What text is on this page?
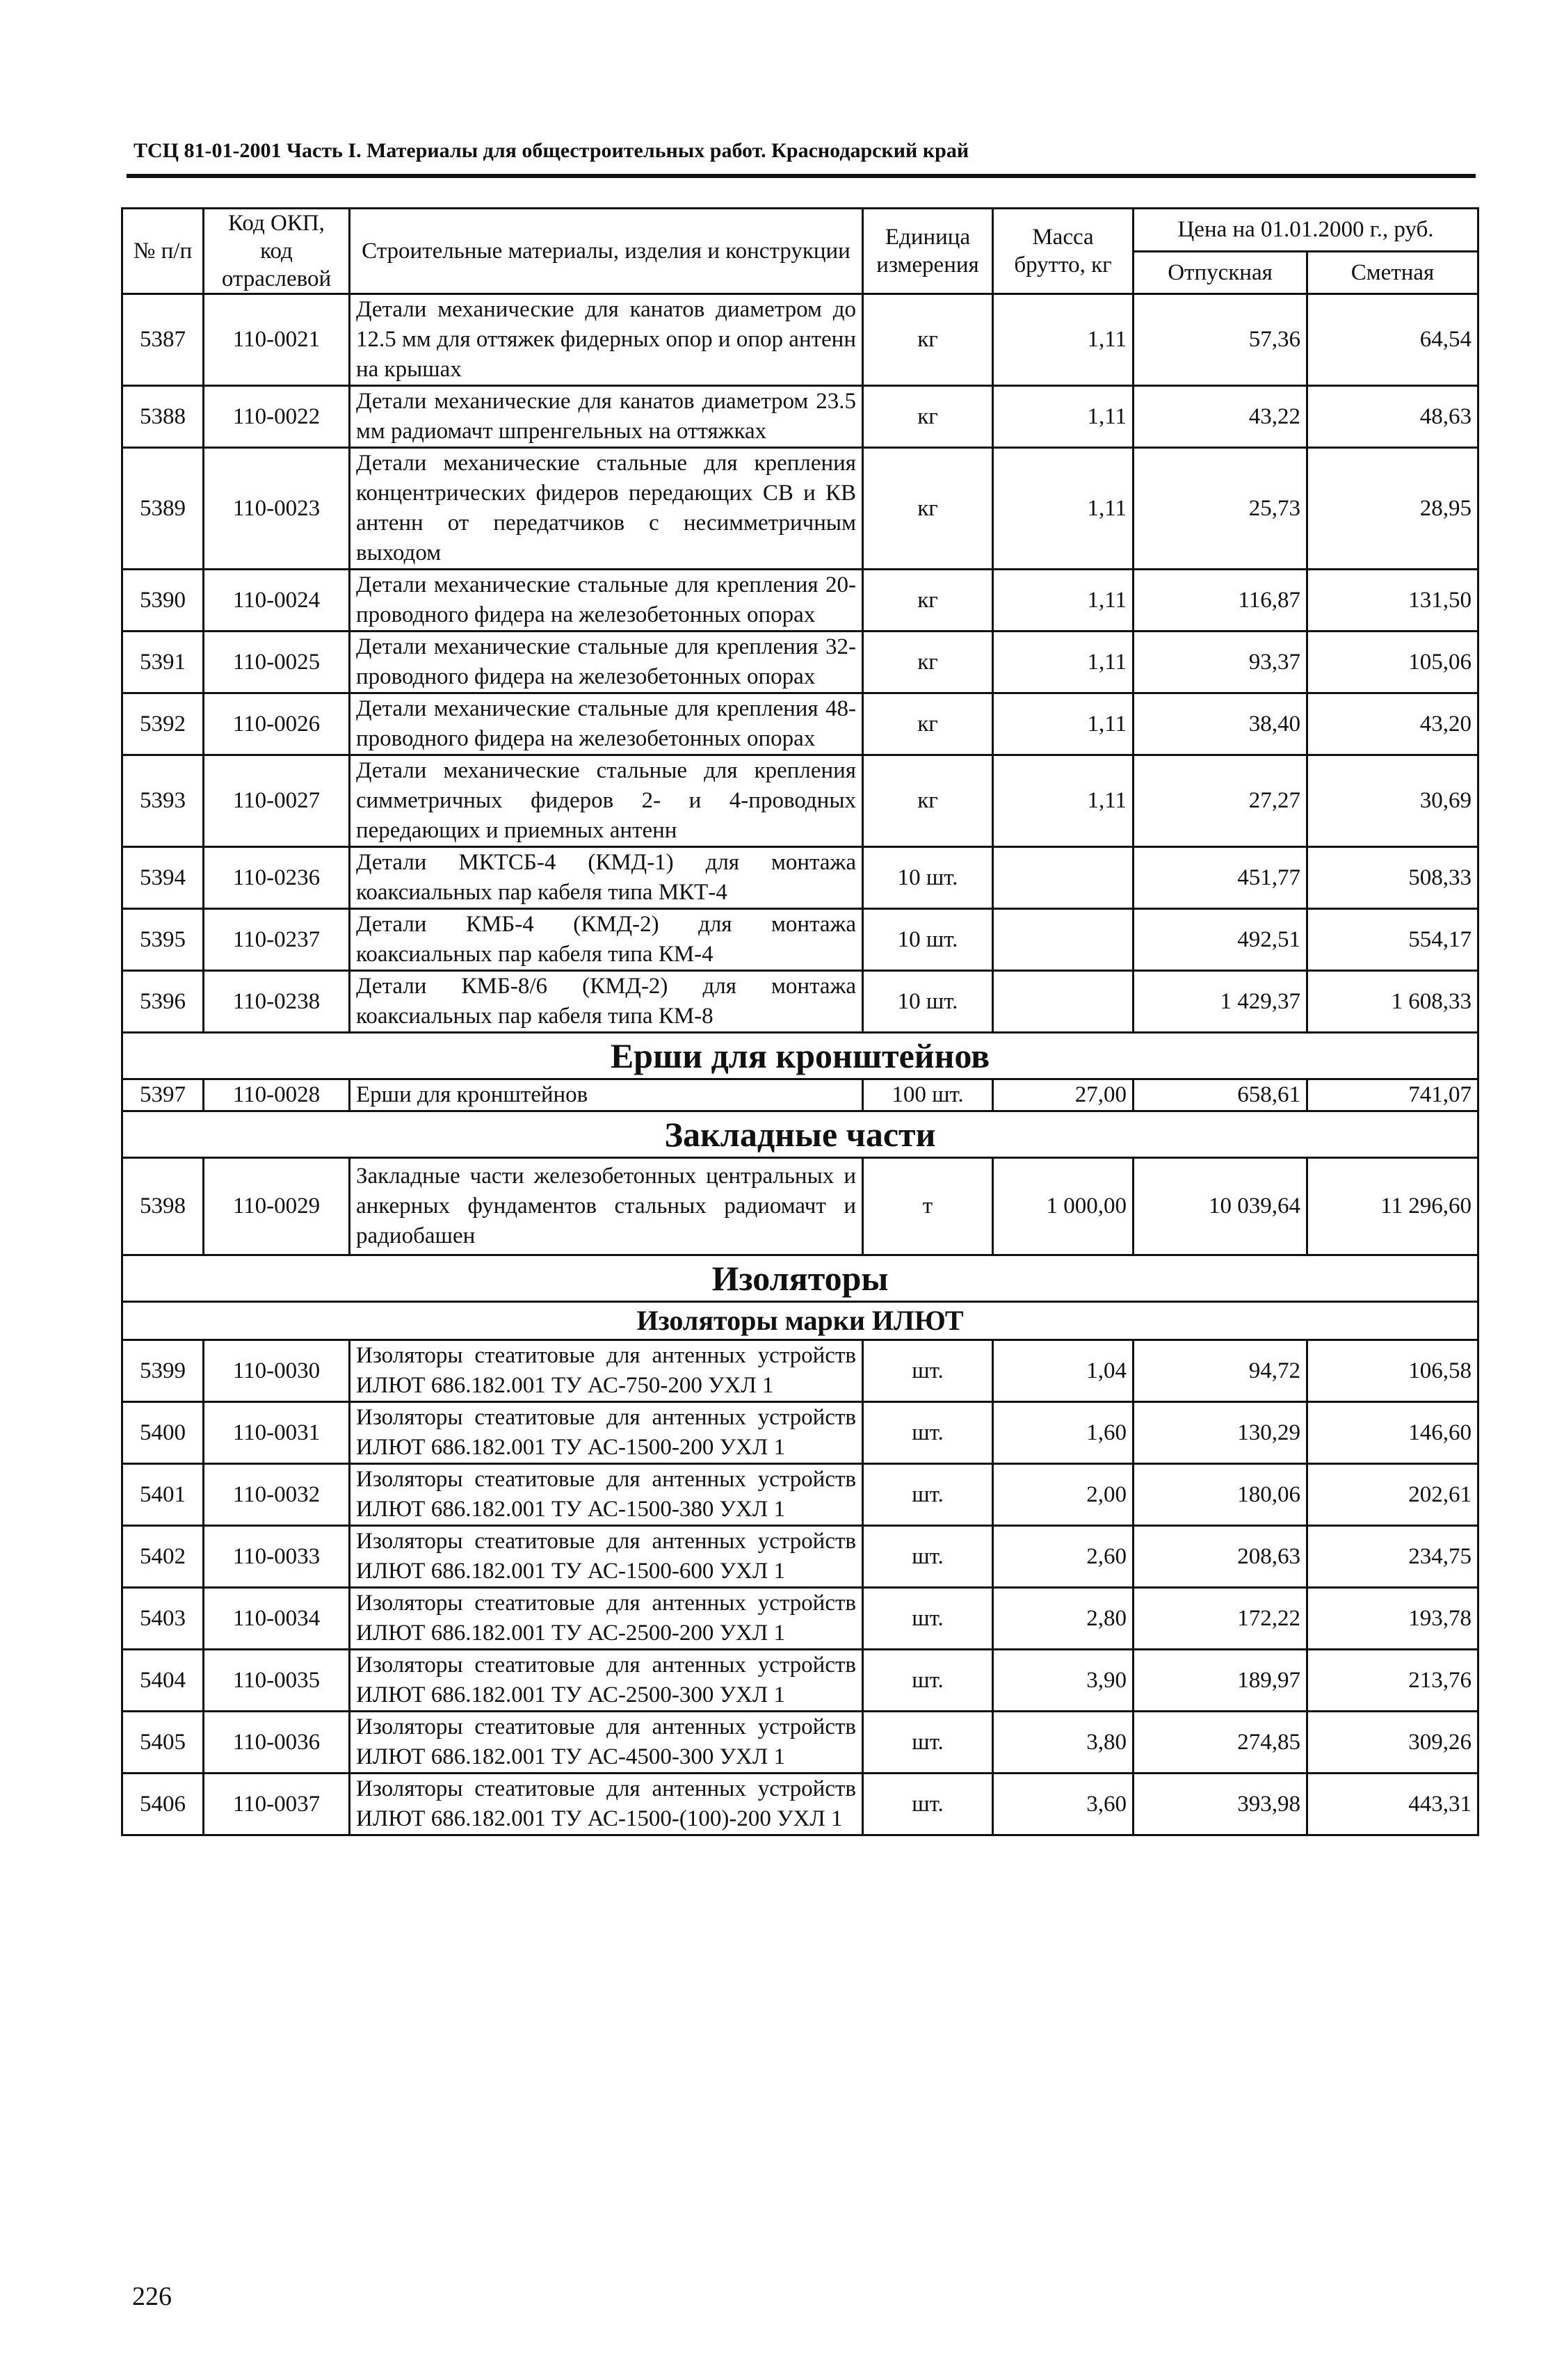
ТСЦ 81-01-2001 Часть I. Материалы для общестроительных работ. Краснодарский край
№ п/п	Код ОКП, код отраслевой	Строительные материалы, изделия и конструкции	Единица измерения	Масса брутто, кг	Цена на 01.01.2000 г., руб.	
					Отпускная	Сметная
5387	110-0021	Детали механические для канатов диаметром до 12.5 мм для оттяжек фидерных опор и опор антенн на крышах	кг	1,11	57,36	64,54
5388	110-0022	Детали механические для канатов диаметром 23.5 мм радиомачт шпренгельных на оттяжках	кг	1,11	43,22	48,63
5389	110-0023	Детали механические стальные для крепления концентрических фидеров передающих СВ и КВ антенн от передатчиков с несимметричным выходом	кг	1,11	25,73	28,95
5390	110-0024	Детали механические стальные для крепления 20-проводного фидера на железобетонных опорах	кг	1,11	116,87	131,50
5391	110-0025	Детали механические стальные для крепления 32-проводного фидера на железобетонных опорах	кг	1,11	93,37	105,06
5392	110-0026	Детали механические стальные для крепления 48-проводного фидера на железобетонных опорах	кг	1,11	38,40	43,20
5393	110-0027	Детали механические стальные для крепления симметричных фидеров 2- и 4-проводных передающих и приемных антенн	кг	1,11	27,27	30,69
5394	110-0236	Детали МКТСБ-4 (КМД-1) для монтажа коаксиальных пар кабеля типа МКТ-4	10 шт.		451,77	508,33
5395	110-0237	Детали КМБ-4 (КМД-2) для монтажа коаксиальных пар кабеля типа КМ-4	10 шт.		492,51	554,17
5396	110-0238	Детали КМБ-8/6 (КМД-2) для монтажа коаксиальных пар кабеля типа КМ-8	10 шт.		1 429,37	1 608,33
Ерши для кронштейнов						
5397	110-0028	Ерши для кронштейнов	100 шт.	27,00	658,61	741,07
Закладные части						
5398	110-0029	Закладные части железобетонных центральных и анкерных фундаментов стальных радиомачт и радиобашен	т	1 000,00	10 039,64	11 296,60
Изоляторы						
Изоляторы марки ИЛЮТ						
5399	110-0030	Изоляторы стеатитовые для антенных устройств ИЛЮТ 686.182.001 ТУ АС-750-200 УХЛ 1	шт.	1,04	94,72	106,58
5400	110-0031	Изоляторы стеатитовые для антенных устройств ИЛЮТ 686.182.001 ТУ АС-1500-200 УХЛ 1	шт.	1,60	130,29	146,60
5401	110-0032	Изоляторы стеатитовые для антенных устройств ИЛЮТ 686.182.001 ТУ АС-1500-380 УХЛ 1	шт.	2,00	180,06	202,61
5402	110-0033	Изоляторы стеатитовые для антенных устройств ИЛЮТ 686.182.001 ТУ АС-1500-600 УХЛ 1	шт.	2,60	208,63	234,75
5403	110-0034	Изоляторы стеатитовые для антенных устройств ИЛЮТ 686.182.001 ТУ АС-2500-200 УХЛ 1	шт.	2,80	172,22	193,78
5404	110-0035	Изоляторы стеатитовые для антенных устройств ИЛЮТ 686.182.001 ТУ АС-2500-300 УХЛ 1	шт.	3,90	189,97	213,76
5405	110-0036	Изоляторы стеатитовые для антенных устройств ИЛЮТ 686.182.001 ТУ АС-4500-300 УХЛ 1	шт.	3,80	274,85	309,26
5406	110-0037	Изоляторы стеатитовые для антенных устройств ИЛЮТ 686.182.001 ТУ АС-1500-(100)-200 УХЛ 1	шт.	3,60	393,98	443,31
226
